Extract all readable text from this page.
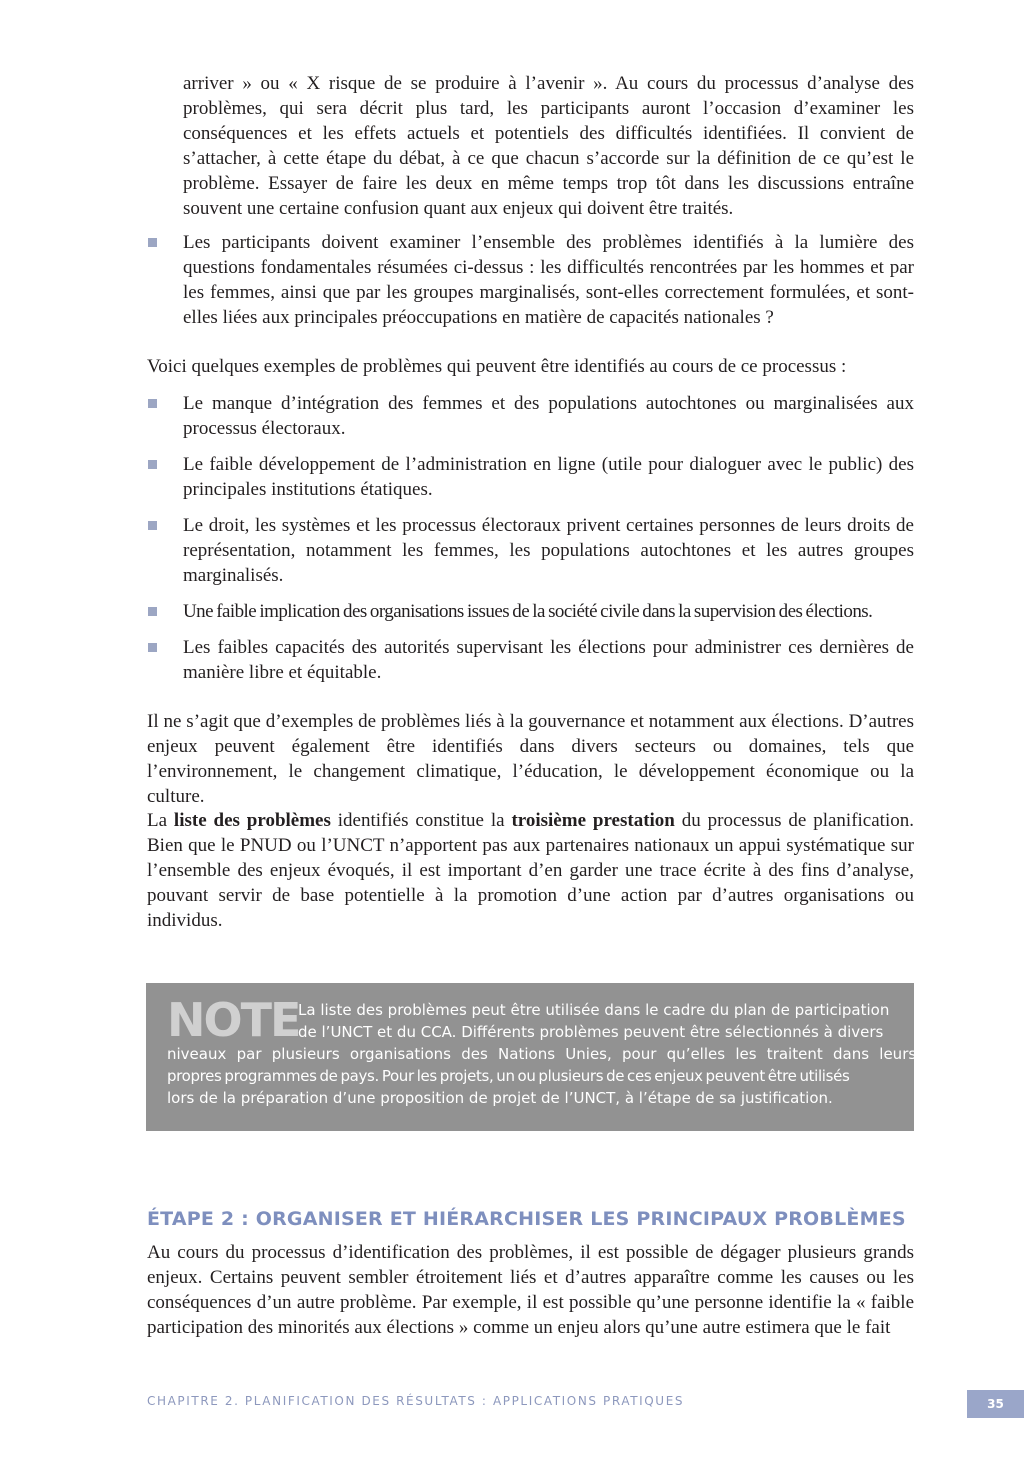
arriver » ou « X risque de se produire à l’avenir ». Au cours du processus d’analyse des problèmes, qui sera décrit plus tard, les participants auront l’occasion d’examiner les conséquences et les effets actuels et potentiels des difficultés identifiées. Il convient de s’attacher, à cette étape du débat, à ce que chacun s’accorde sur la définition de ce qu’est le problème. Essayer de faire les deux en même temps trop tôt dans les discussions entraîne souvent une certaine confusion quant aux enjeux qui doivent être traités.

Les participants doivent examiner l’ensemble des problèmes identifiés à la lumière des questions fondamentales résumées ci-dessus : les difficultés rencontrées par les hommes et par les femmes, ainsi que par les groupes marginalisés, sont-elles correctement formulées, et sont-elles liées aux principales préoccupations en matière de capacités nationales ?

Voici quelques exemples de problèmes qui peuvent être identifiés au cours de ce processus :

Le manque d’intégration des femmes et des populations autochtones ou marginalisées aux processus électoraux.
Le faible développement de l’administration en ligne (utile pour dialoguer avec le public) des principales institutions étatiques.
Le droit, les systèmes et les processus électoraux privent certaines personnes de leurs droits de représentation, notamment les femmes, les populations autochtones et les autres groupes marginalisés.
Une faible implication des organisations issues de la société civile dans la supervision des élections.
Les faibles capacités des autorités supervisant les élections pour administrer ces dernières de manière libre et équitable.

Il ne s’agit que d’exemples de problèmes liés à la gouvernance et notamment aux élections. D’autres enjeux peuvent également être identifiés dans divers secteurs ou domaines, tels que l’environnement, le changement climatique, l’éducation, le développement économique ou la culture.

La liste des problèmes identifiés constitue la troisième prestation du processus de planification. Bien que le PNUD ou l’UNCT n’apportent pas aux partenaires nationaux un appui systématique sur l’ensemble des enjeux évoqués, il est important d’en garder une trace écrite à des fins d’analyse, pouvant servir de base potentielle à la promotion d’une action par d’autres organisations ou individus.

NOTE
La liste des problèmes peut être utilisée dans le cadre du plan de participation
de l’UNCT et du CCA. Différents problèmes peuvent être sélectionnés à divers
niveaux par plusieurs organisations des Nations Unies, pour qu’elles les traitent dans leurs
propres programmes de pays. Pour les projets, un ou plusieurs de ces enjeux peuvent être utilisés
lors de la préparation d’une proposition de projet de l’UNCT, à l’étape de sa justification.
ÉTAPE 2 : ORGANISER ET HIÉRARCHISER LES PRINCIPAUX PROBLÈMES

Au cours du processus d’identification des problèmes, il est possible de dégager plusieurs grands enjeux. Certains peuvent sembler étroitement liés et d’autres apparaître comme les causes ou les conséquences d’un autre problème. Par exemple, il est possible qu’une personne identifie la « faible participation des minorités aux élections » comme un enjeu alors qu’une autre estimera que le fait

CHAPITRE 2. PLANIFICATION DES RÉSULTATS : APPLICATIONS PRATIQUES	35
